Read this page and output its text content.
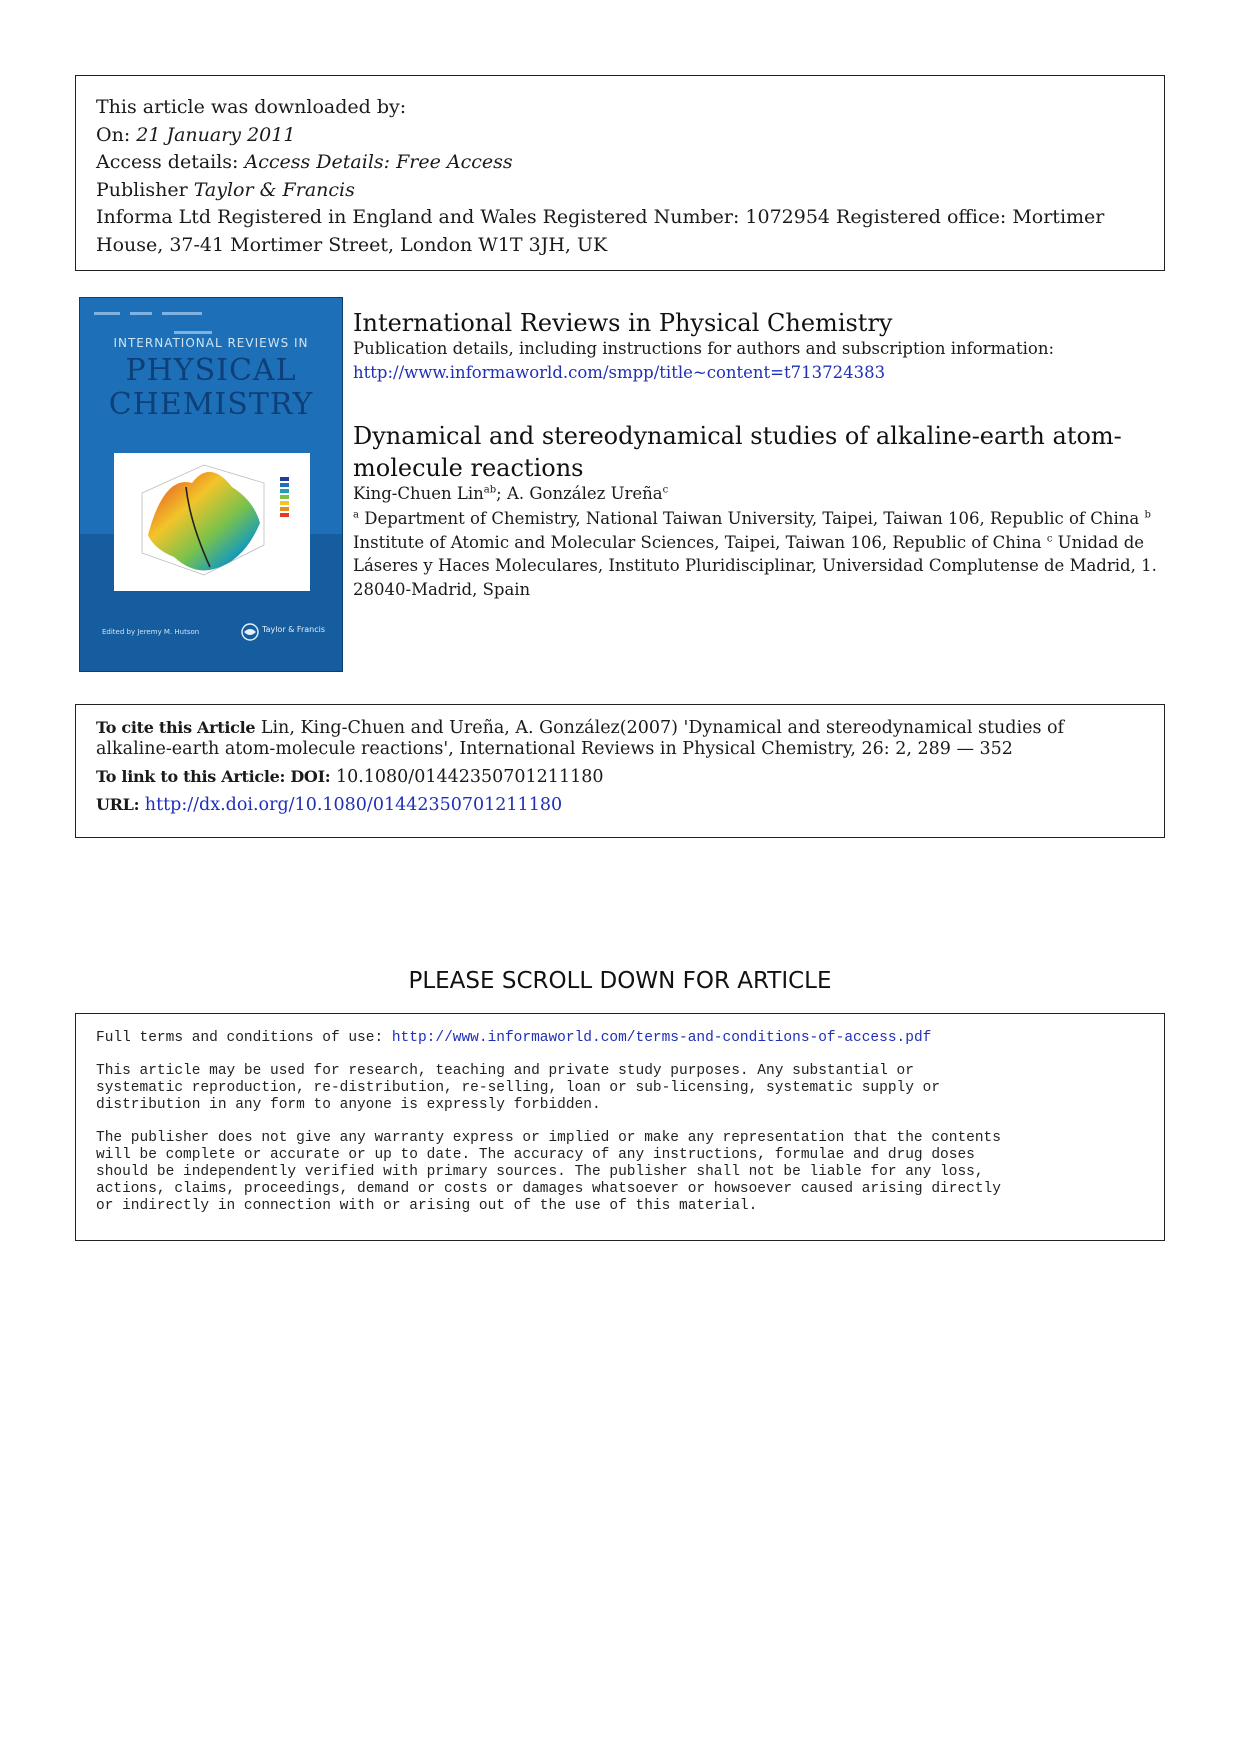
This article was downloaded by:
On: 21 January 2011
Access details: Access Details: Free Access
Publisher Taylor & Francis
Informa Ltd Registered in England and Wales Registered Number: 1072954 Registered office: Mortimer House, 37-41 Mortimer Street, London W1T 3JH, UK

INTERNATIONAL REVIEWS IN
PHYSICAL
CHEMISTRY
Edited by Jeremy M. Hutson	Taylor & Francis
International Reviews in Physical Chemistry
Publication details, including instructions for authors and subscription information:
http://www.informaworld.com/smpp/title~content=t713724383
Dynamical and stereodynamical studies of alkaline-earth atom-molecule reactions
King-Chuen Lin$^{ab}$; A. González Ureña$^c$
$^a$ Department of Chemistry, National Taiwan University, Taipei, Taiwan 106, Republic of China $^b$ Institute of Atomic and Molecular Sciences, Taipei, Taiwan 106, Republic of China $^c$ Unidad de Láseres y Haces Moleculares, Instituto Pluridisciplinar, Universidad Complutense de Madrid, 1. 28040-Madrid, Spain
To cite this Article Lin, King-Chuen and Ureña, A. González(2007) 'Dynamical and stereodynamical studies of alkaline-earth atom-molecule reactions', International Reviews in Physical Chemistry, 26: 2, 289 — 352
To link to this Article: DOI: 10.1080/01442350701211180
URL: http://dx.doi.org/10.1080/01442350701211180
PLEASE SCROLL DOWN FOR ARTICLE

Full terms and conditions of use: http://www.informaworld.com/terms-and-conditions-of-access.pdf

This article may be used for research, teaching and private study purposes. Any substantial or
systematic reproduction, re-distribution, re-selling, loan or sub-licensing, systematic supply or
distribution in any form to anyone is expressly forbidden.

The publisher does not give any warranty express or implied or make any representation that the contents
will be complete or accurate or up to date. The accuracy of any instructions, formulae and drug doses
should be independently verified with primary sources. The publisher shall not be liable for any loss,
actions, claims, proceedings, demand or costs or damages whatsoever or howsoever caused arising directly
or indirectly in connection with or arising out of the use of this material.
